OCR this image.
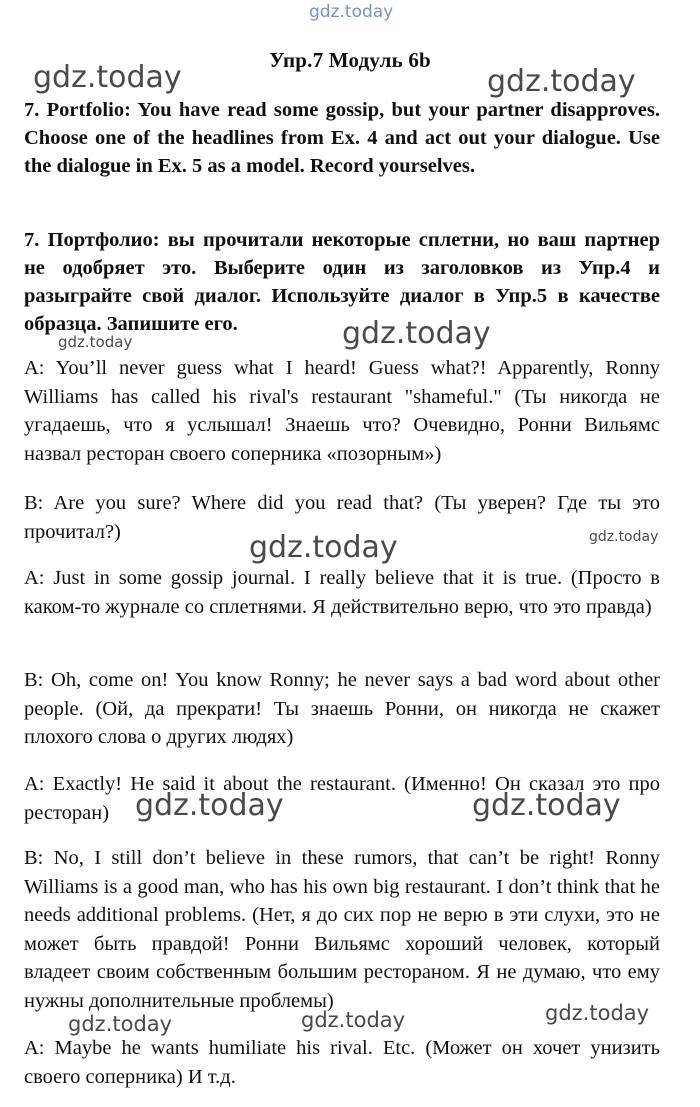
Упр.7 Модуль 6b
7. Portfolio: You have read some gossip, but your partner disapproves. Choose one of the headlines from Ex. 4 and act out your dialogue. Use the dialogue in Ex. 5 as a model. Record yourselves.
7. Портфолио: вы прочитали некоторые сплетни, но ваш партнер не одобряет это. Выберите один из заголовков из Упр.4 и разыграйте свой диалог. Используйте диалог в Упр.5 в качестве образца. Запишите его.
A: You’ll never guess what I heard! Guess what?! Apparently, Ronny Williams has called his rival's restaurant "shameful." (Ты никогда не угадаешь, что я услышал! Знаешь что? Очевидно, Ронни Вильямс назвал ресторан своего соперника «позорным»)
B: Are you sure? Where did you read that? (Ты уверен? Где ты это прочитал?)
A: Just in some gossip journal. I really believe that it is true. (Просто в каком-то журнале со сплетнями. Я действительно верю, что это правда)
B: Oh, come on! You know Ronny; he never says a bad word about other people. (Ой, да прекрати! Ты знаешь Ронни, он никогда не скажет плохого слова о других людях)
A: Exactly! He said it about the restaurant. (Именно! Он сказал это про ресторан)
B: No, I still don’t believe in these rumors, that can’t be right! Ronny Williams is a good man, who has his own big restaurant. I don’t think that he needs additional problems. (Нет, я до сих пор не верю в эти слухи, это не может быть правдой! Ронни Вильямс хороший человек, который владеет своим собственным большим рестораном. Я не думаю, что ему нужны дополнительные проблемы)
A: Maybe he wants humiliate his rival. Etc. (Может он хочет унизить своего соперника) И т.д.
gdz.today
gdz.today	gdz.today
gdz.today
gdz.today
gdz.today	gdz.today
gdz.today	gdz.today
gdz.today	gdz.today	gdz.today
